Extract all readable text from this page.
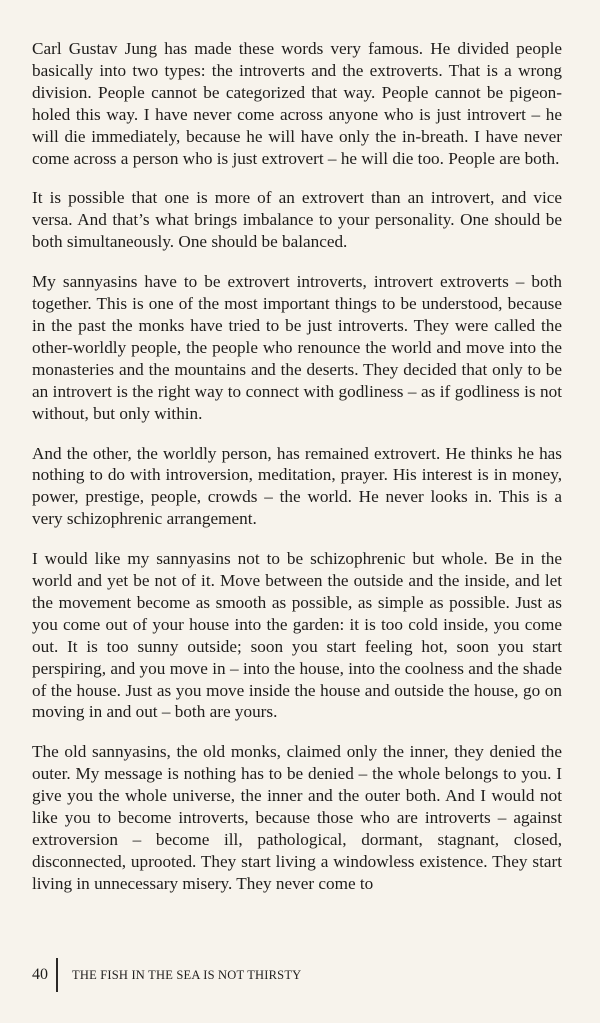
Carl Gustav Jung has made these words very famous. He divided people basically into two types: the introverts and the extroverts. That is a wrong division. People cannot be categorized that way. People cannot be pigeon-holed this way. I have never come across anyone who is just introvert – he will die immediately, because he will have only the in-breath. I have never come across a person who is just extrovert – he will die too. People are both.

It is possible that one is more of an extrovert than an introvert, and vice versa. And that’s what brings imbalance to your personality. One should be both simultaneously. One should be balanced.

My sannyasins have to be extrovert introverts, introvert extroverts – both together. This is one of the most important things to be understood, because in the past the monks have tried to be just introverts. They were called the other-worldly people, the people who renounce the world and move into the monasteries and the mountains and the deserts. They decided that only to be an introvert is the right way to connect with godliness – as if godliness is not without, but only within.

And the other, the worldly person, has remained extrovert. He thinks he has nothing to do with introversion, meditation, prayer. His interest is in money, power, prestige, people, crowds – the world. He never looks in. This is a very schizophrenic arrangement.

I would like my sannyasins not to be schizophrenic but whole. Be in the world and yet be not of it. Move between the outside and the inside, and let the movement become as smooth as possible, as simple as possible. Just as you come out of your house into the garden: it is too cold inside, you come out. It is too sunny outside; soon you start feeling hot, soon you start perspiring, and you move in – into the house, into the coolness and the shade of the house. Just as you move inside the house and outside the house, go on moving in and out – both are yours.

The old sannyasins, the old monks, claimed only the inner, they denied the outer. My message is nothing has to be denied – the whole belongs to you. I give you the whole universe, the inner and the outer both. And I would not like you to become introverts, because those who are introverts – against extroversion – become ill, pathological, dormant, stagnant, closed, disconnected, uprooted. They start living a windowless existence. They start living in unnecessary misery. They never come to

40	THE FISH IN THE SEA IS NOT THIRSTY
